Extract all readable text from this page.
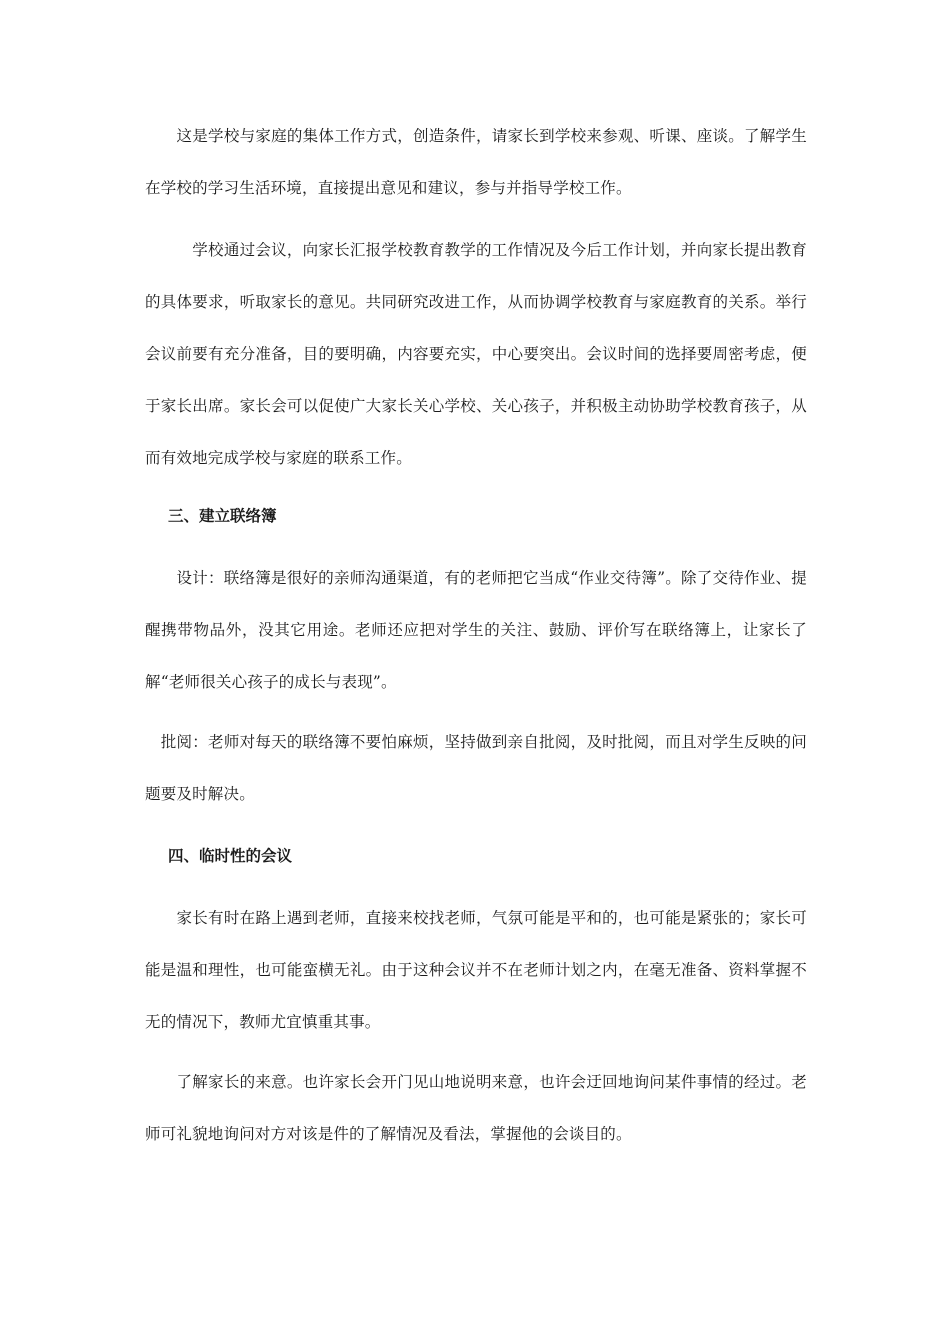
　　这是学校与家庭的集体工作方式，创造条件，请家长到学校来参观、听课、座谈。了解学生在学校的学习生活环境，直接提出意见和建议，参与并指导学校工作。

　　　学校通过会议，向家长汇报学校教育教学的工作情况及今后工作计划，并向家长提出教育的具体要求，听取家长的意见。共同研究改进工作，从而协调学校教育与家庭教育的关系。举行会议前要有充分准备，目的要明确，内容要充实，中心要突出。会议时间的选择要周密考虑，便于家长出席。家长会可以促使广大家长关心学校、关心孩子，并积极主动协助学校教育孩子，从而有效地完成学校与家庭的联系工作。

三、建立联络簿

　　设计：联络簿是很好的亲师沟通渠道，有的老师把它当成“作业交待簿”。除了交待作业、提醒携带物品外，没其它用途。老师还应把对学生的关注、鼓励、评价写在联络簿上，让家长了解“老师很关心孩子的成长与表现”。

　批阅：老师对每天的联络簿不要怕麻烦，坚持做到亲自批阅，及时批阅，而且对学生反映的问题要及时解决。

四、临时性的会议

　　家长有时在路上遇到老师，直接来校找老师，气氛可能是平和的，也可能是紧张的；家长可能是温和理性，也可能蛮横无礼。由于这种会议并不在老师计划之内，在毫无准备、资料掌握不无的情况下，教师尤宜慎重其事。

　　了解家长的来意。也许家长会开门见山地说明来意，也许会迂回地询问某件事情的经过。老师可礼貌地询问对方对该是件的了解情况及看法，掌握他的会谈目的。
